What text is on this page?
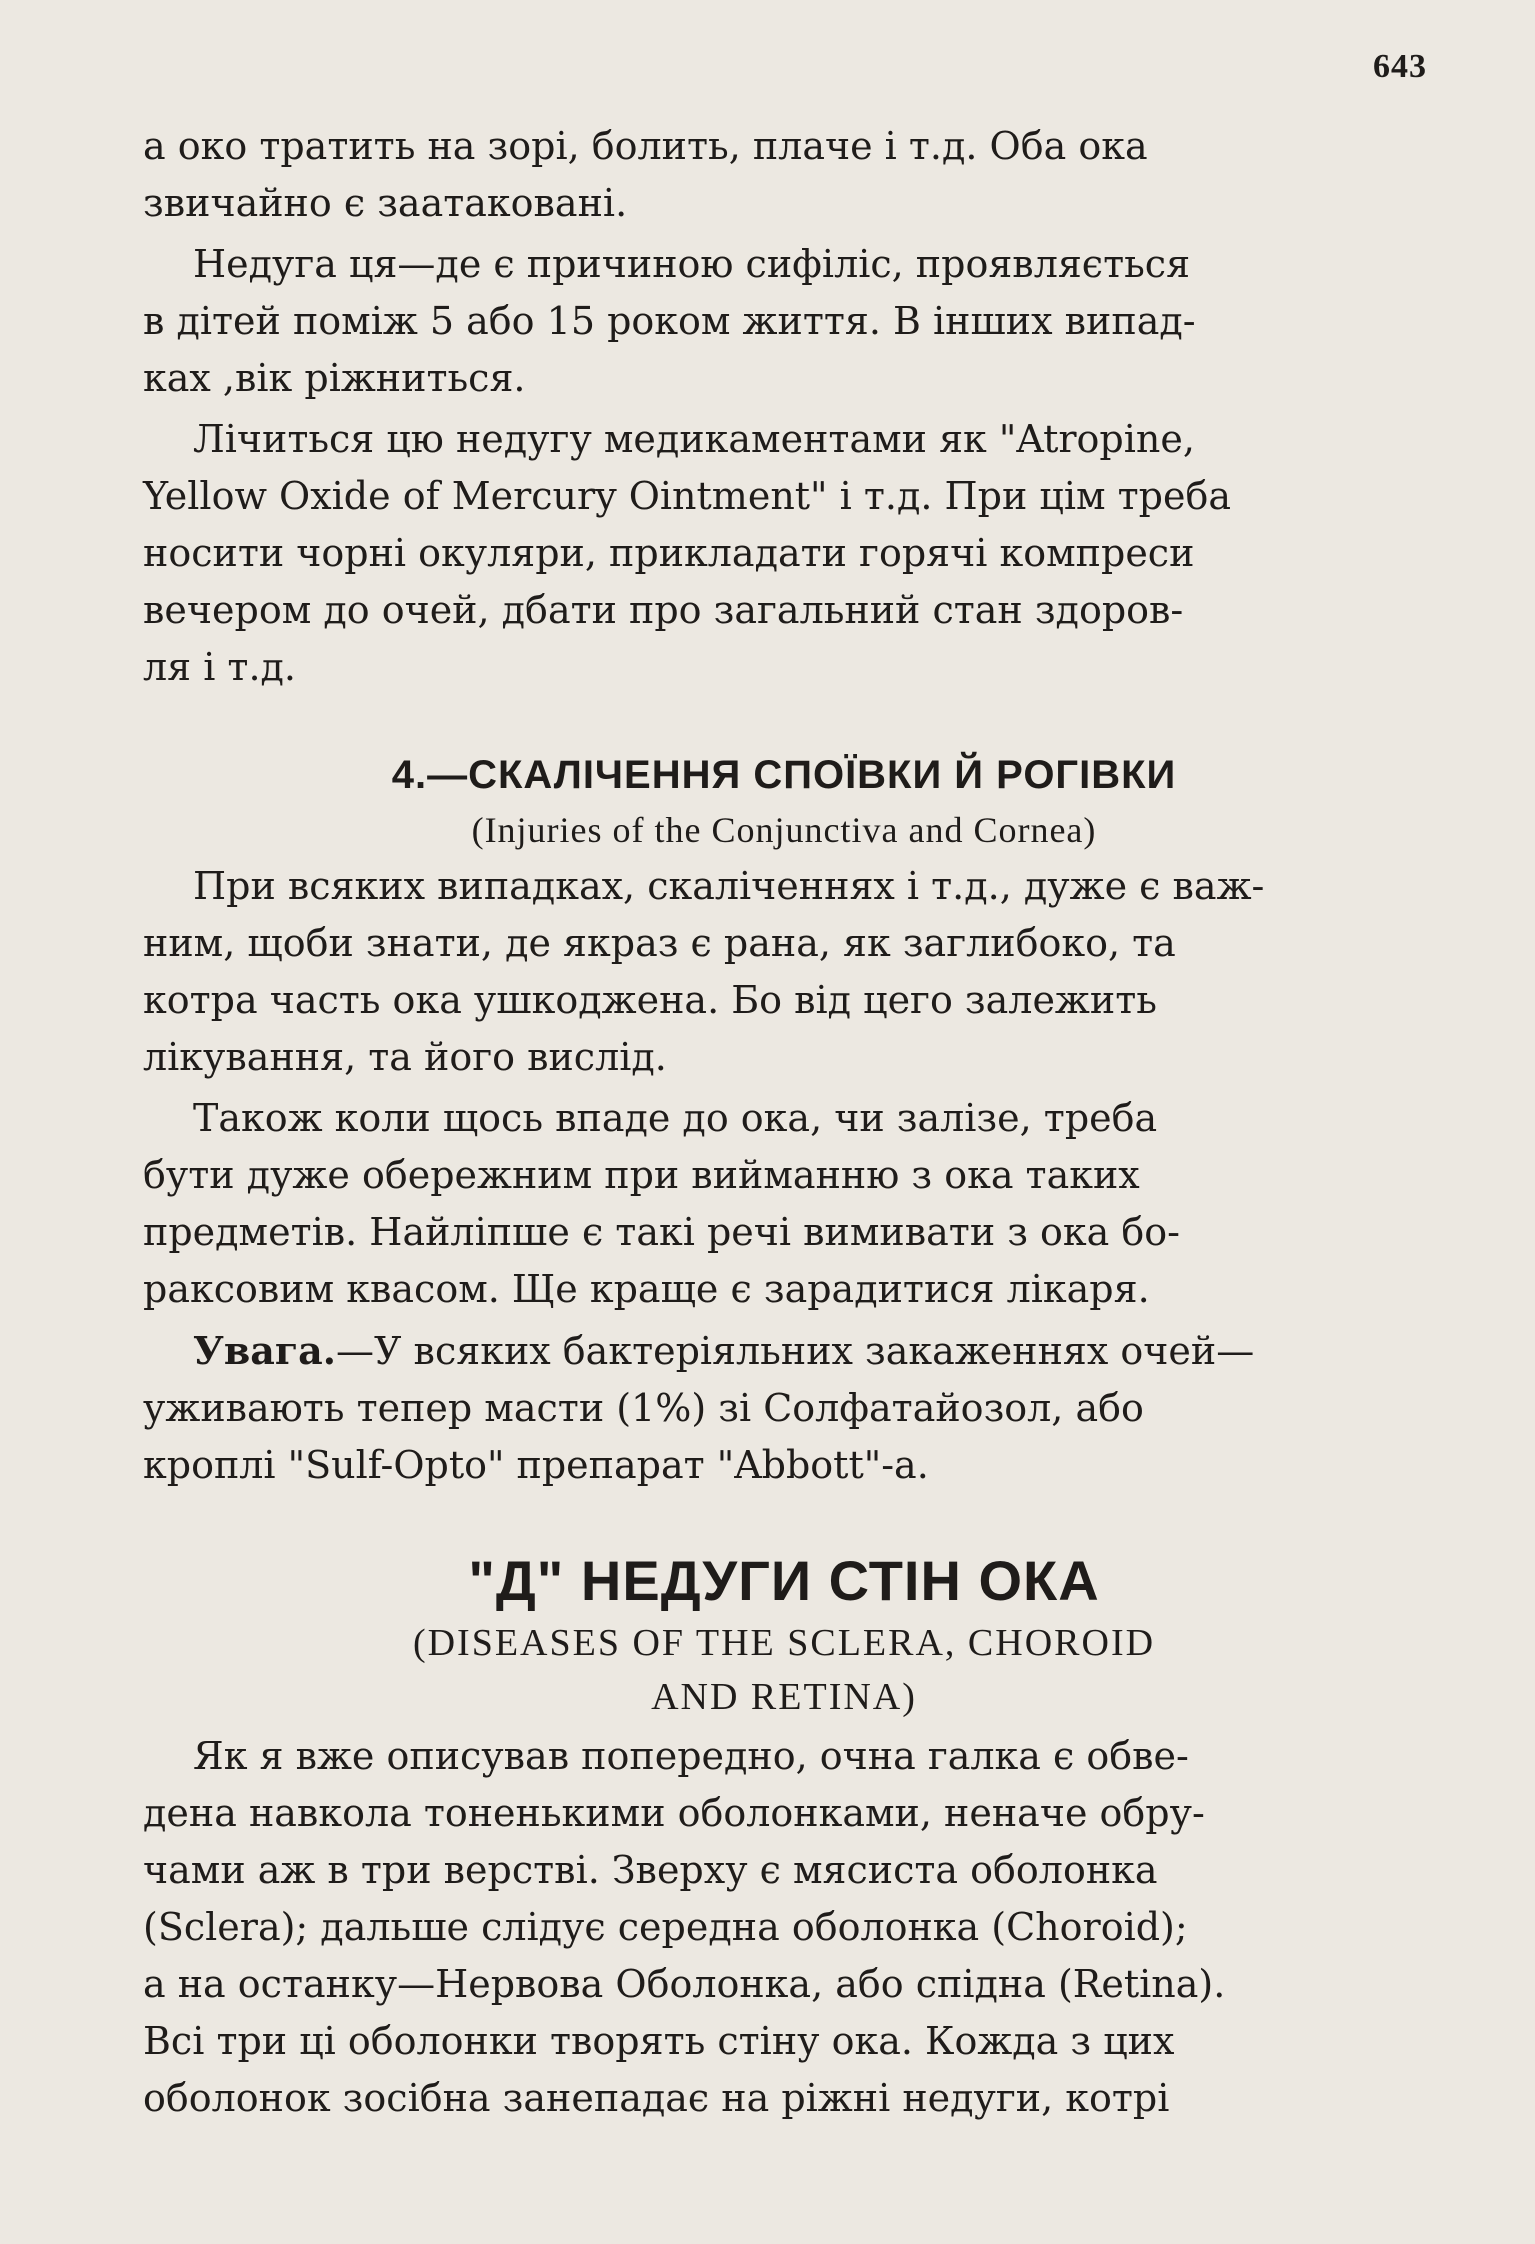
643

а око тратить на зорі, болить, плаче і т.д. Оба ока
звичайно є заатаковані.

Недуга ця—де є причиною сифіліс, проявляється
в дітей поміж 5 або 15 роком життя. В інших випад-
ках ,вік ріжниться.

Лічиться цю недугу медикаментами як "Atropine,
Yellow Oxide of Mercury Ointment" і т.д. При цім треба
носити чорні окуляри, прикладати горячі компреси
вечером до очей, дбати про загальний стан здоров-
ля і т.д.

4.—СКАЛІЧЕННЯ СПОЇВКИ Й РОГІВКИ

(Injuries of the Conjunctiva and Cornea)

При всяких випадках, скаліченнях і т.д., дуже є важ-
ним, щоби знати, де якраз є рана, як заглибоко, та
котра часть ока ушкоджена. Бо від цего залежить
лікування, та його вислід.

Також коли щось впаде до ока, чи залізе, треба
бути дуже обережним при вийманню з ока таких
предметів. Найліпше є такі речі вимивати з ока бо-
раксовим квасом. Ще краще є зарадитися лікаря.

Увага.—У всяких бактеріяльних закаженнях очей—
уживають тепер масти (1%) зі Солфатайозол, або
кроплі "Sulf-Opto" препарат "Abbott"-а.

"Д" НЕДУГИ СТІН ОКА

(DISEASES OF THE SCLERA, CHOROID

AND RETINA)

Як я вже описував попередно, очна галка є обве-
дена навкола тоненькими оболонками, неначе обру-
чами аж в три верстві. Зверху є мясиста оболонка
(Sclera); дальше слідує середна оболонка (Choroid);
а на останку—Нервова Оболонка, або спідна (Retina).
Всі три ці оболонки творять стіну ока. Кожда з цих
оболонок зосібна занепадає на ріжні недуги, котрі
